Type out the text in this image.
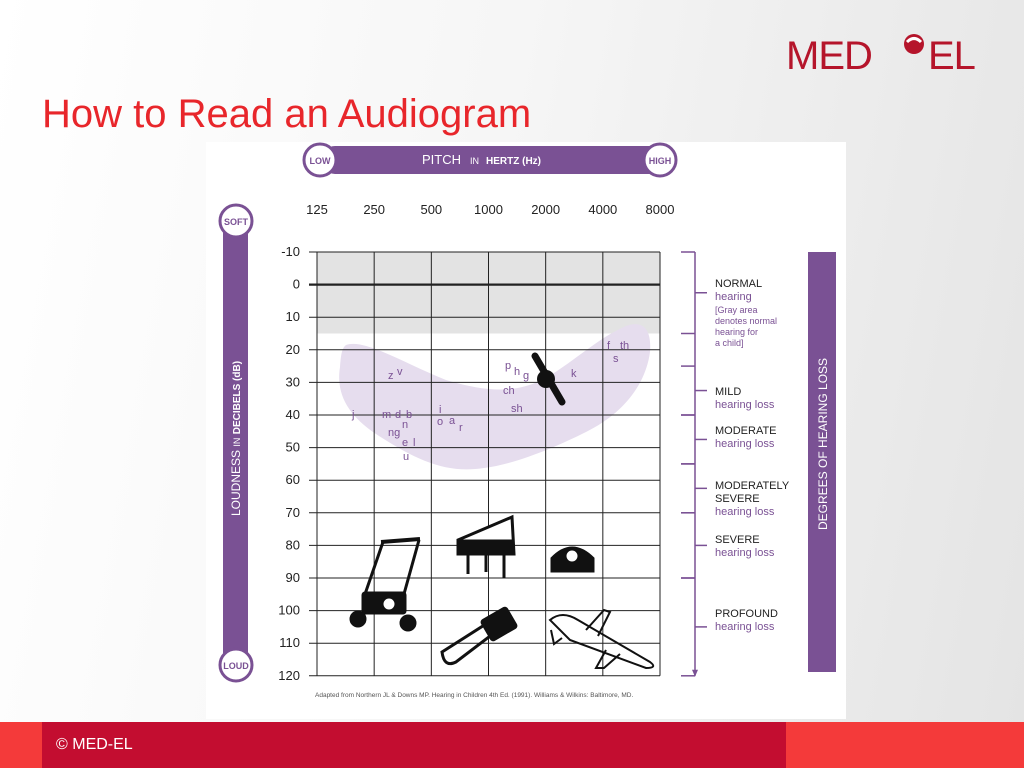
MED EL
How to Read an Audiogram
PITCH IN HERTZ (Hz)
LOW	HIGH
LOUDNESS IN DECIBELS (dB)
SOFT
LOUD
DEGREES OF HEARING LOSS
125	250	500 1000 2000 4000 8000
-10
0
10
20
30
40
50
60
70
80
90
100
110
120
z v	p h g
ch
k
f th
s
j	m d b
n
ng
e l
u
i
o a
r
sh
NORMAL
hearing
[Gray area
denotes normal
hearing for
a child]
MILD
hearing loss
MODERATE
hearing loss
MODERATELY
SEVERE
hearing loss
SEVERE
hearing loss
PROFOUND
hearing loss
Adapted from Northern JL & Downs MP. Hearing in Children 4th Ed. (1991). Williams & Wilkins: Baltimore, MD.
© MED-EL
